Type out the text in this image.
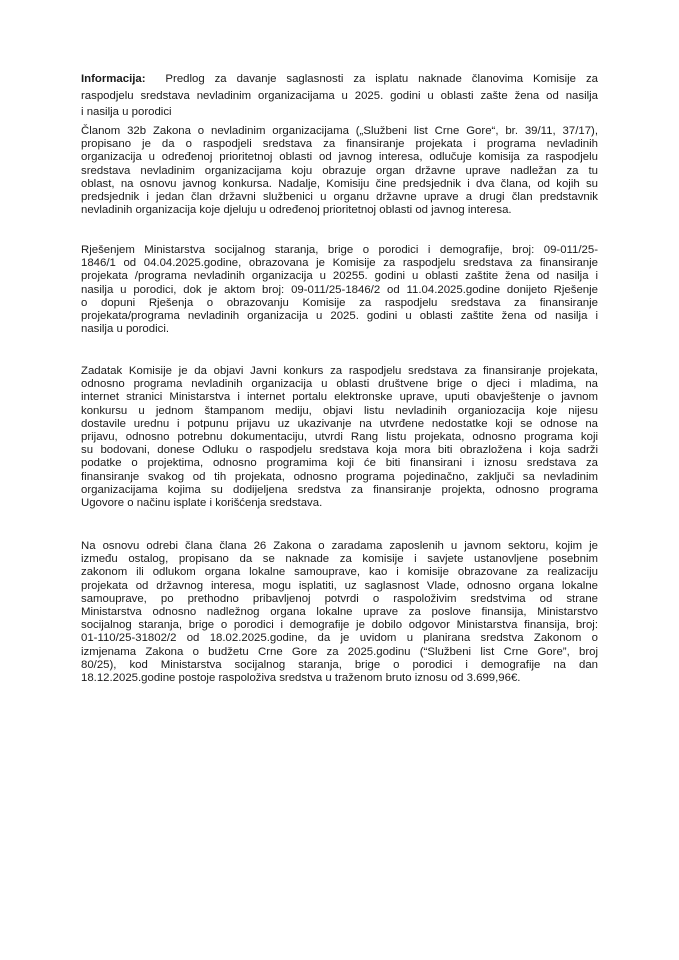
Informacija: Predlog za davanje saglasnosti za isplatu naknade članovima Komisije za
raspodjelu sredstava nevladinim organizacijama u 2025. godini u oblasti zašte žena od nasilja
i nasilja u porodici
Članom 32b Zakona o nevladinim organizacijama („Službeni list Crne Gore“, br. 39/11, 37/17),
propisano je da o raspodjeli sredstava za finansiranje projekata i programa nevladinih
organizacija u određenoj prioritetnoj oblasti od javnog interesa, odlučuje komisija za raspodjelu
sredstava nevladinim organizacijama koju obrazuje organ državne uprave nadležan za tu
oblast, na osnovu javnog konkursa. Nadalje, Komisiju čine predsjednik i dva člana, od kojih su
predsjednik i jedan član državni službenici u organu državne uprave a drugi član predstavnik
nevladinih organizacija koje djeluju u određenoj prioritetnoj oblasti od javnog interesa.
Rješenjem Ministarstva socijalnog staranja, brige o porodici i demografije, broj: 09-011/25-
1846/1 od 04.04.2025.godine, obrazovana je Komisije za raspodjelu sredstava za finansiranje
projekata /programa nevladinih organizacija u 20255. godini u oblasti zaštite žena od nasilja i
nasilja u porodici, dok je aktom broj: 09-011/25-1846/2 od 11.04.2025.godine donijeto Rješenje
o dopuni Rješenja o obrazovanju Komisije za raspodjelu sredstava za finansiranje
projekata/programa nevladinih organizacija u 2025. godini u oblasti zaštite žena od nasilja i
nasilja u porodici.
Zadatak Komisije je da objavi Javni konkurs za raspodjelu sredstava za finansiranje projekata,
odnosno programa nevladinih organizacija u oblasti društvene brige o djeci i mladima, na
internet stranici Ministarstva i internet portalu elektronske uprave, uputi obavještenje o javnom
konkursu u jednom štampanom mediju, objavi listu nevladinih organiozacija koje nijesu
dostavile urednu i potpunu prijavu uz ukazivanje na utvrđene nedostatke koji se odnose na
prijavu, odnosno potrebnu dokumentaciju, utvrdi Rang listu projekata, odnosno programa koji
su bodovani, donese Odluku o raspodjelu sredstava koja mora biti obrazložena i koja sadrži
podatke o projektima, odnosno programima koji će biti finansirani i iznosu sredstava za
finansiranje svakog od tih projekata, odnosno programa pojedinačno, zaključi sa nevladinim
organizacijama kojima su dodijeljena sredstva za finansiranje projekta, odnosno programa
Ugovore o načinu isplate i korišćenja sredstava.
Na osnovu odrebi člana člana 26 Zakona o zaradama zaposlenih u javnom sektoru, kojim je
između ostalog, propisano da se naknade za komisije i savjete ustanovljene posebnim
zakonom ili odlukom organa lokalne samouprave, kao i komisije obrazovane za realizaciju
projekata od državnog interesa, mogu isplatiti, uz saglasnost Vlade, odnosno organa lokalne
samouprave, po prethodno pribavljenoj potvrdi o raspoloživim sredstvima od strane
Ministarstva odnosno nadležnog organa lokalne uprave za poslove finansija, Ministarstvo
socijalnog staranja, brige o porodici i demografije je dobilo odgovor Ministarstva finansija, broj:
01-110/25-31802/2 od 18.02.2025.godine, da je uvidom u planirana sredstva Zakonom o
izmjenama Zakona o budžetu Crne Gore za 2025.godinu (“Službeni list Crne Gore”, broj
80/25), kod Ministarstva socijalnog staranja, brige o porodici i demografije na dan
18.12.2025.godine postoje raspoloživa sredstva u traženom bruto iznosu od 3.699,96€.
